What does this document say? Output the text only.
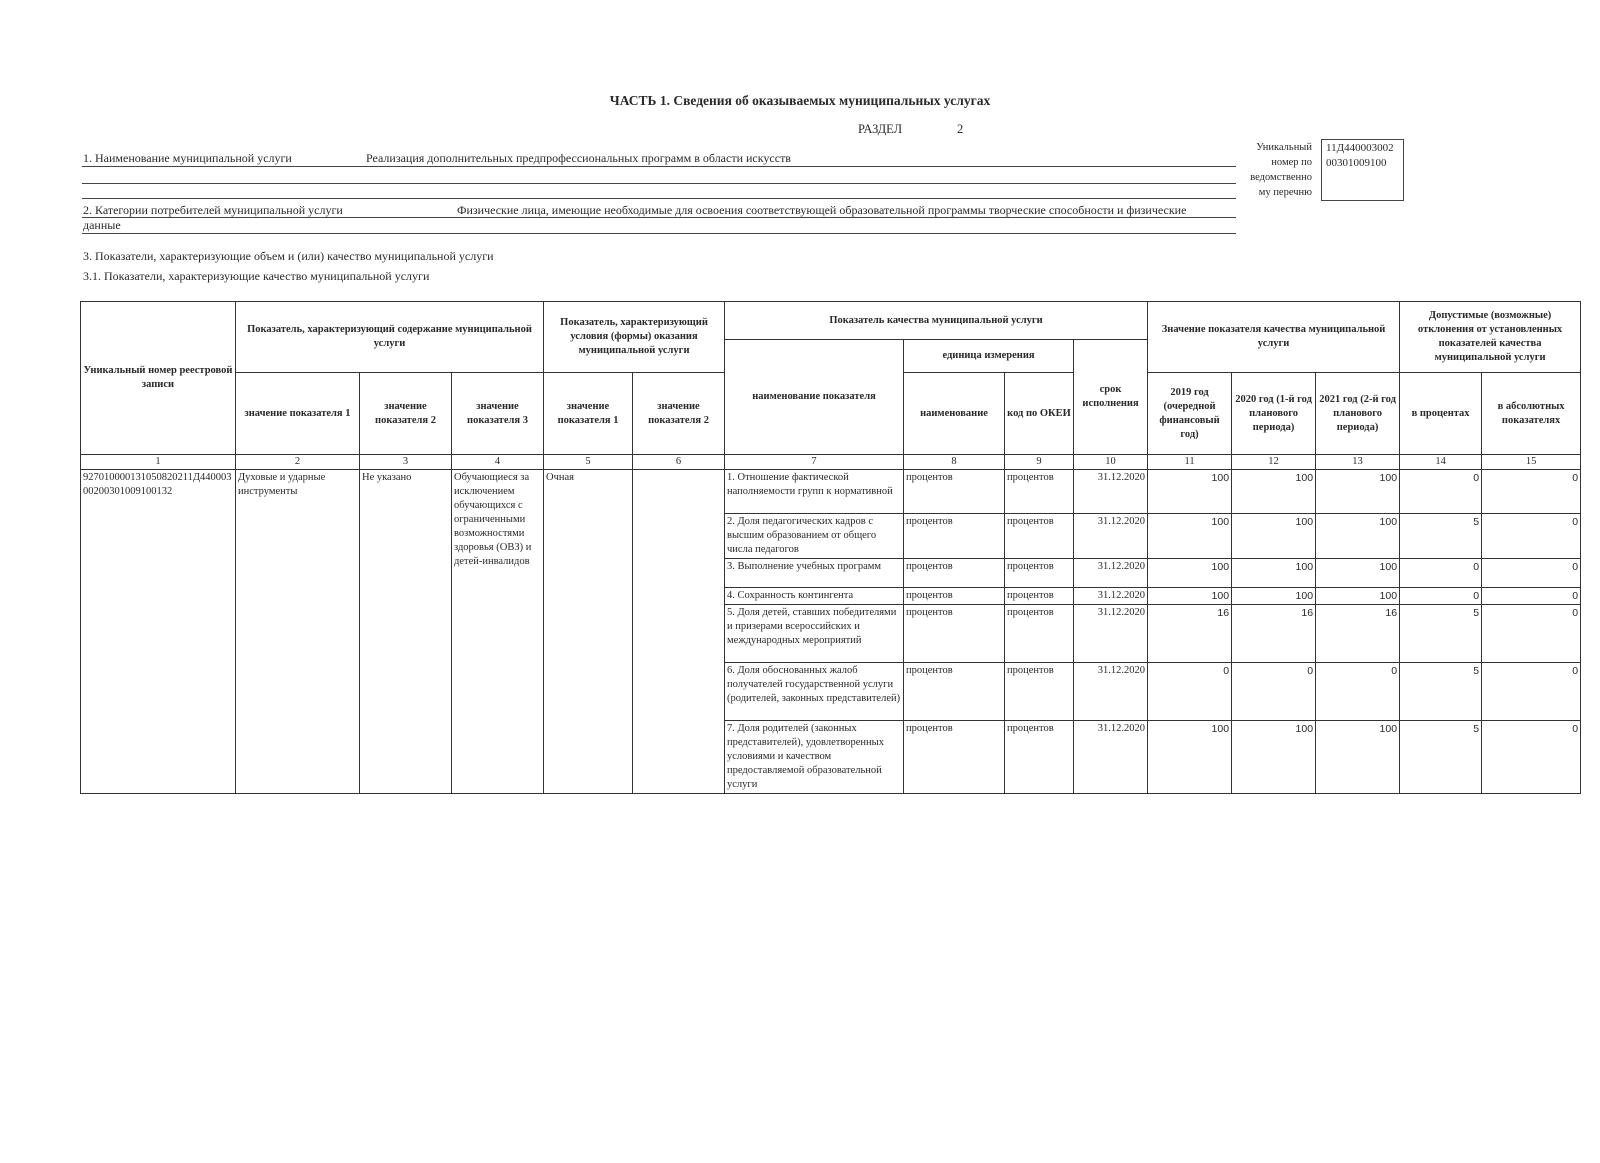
ЧАСТЬ 1. Сведения об оказываемых муниципальных услугах
РАЗДЕЛ	2
1. Наименование муниципальной услуги	Реализация дополнительных предпрофессиональных программ в области искусств
Уникальный
номер по
ведомственно
му перечню
11Д440003002
00301009100
2. Категории потребителей муниципальной услуги	Физические лица, имеющие необходимые для освоения соответствующей образовательной программы творческие способности и физические
данные
3. Показатели, характеризующие объем и (или) качество муниципальной услуги
3.1. Показатели, характеризующие качество муниципальной услуги
Уникальный номер реестровой записи	Показатель, характеризующий содержание муниципальной услуги			Показатель, характеризующий условия (формы) оказания муниципальной услуги		Показатель качества муниципальной услуги				Значение показателя качества муниципальной услуги			Допустимые (возможные) отклонения от установленных показателей качества муниципальной услуги	
						наименование показателя	единица измерения		срок исполнения					
	значение показателя 1	значение показателя 2	значение показателя 3	значение показателя 1	значение показателя 2		наименование	код по ОКЕИ		2019 год (очередной финансовый год)	2020 год (1-й год планового периода)	2021 год (2-й год планового периода)	в процентах	в абсолютных показателях
1	2	3	4	5	6	7	8	9	10	11	12	13	14	15
927010000131050820211Д44000300200301009100132	Духовые и ударные инструменты	Не указано	Обучающиеся за исключением обучающихся с ограниченными возможностями здоровья (ОВЗ) и детей-инвалидов	Очная		1. Отношение фактической наполняемости групп к нормативной	процентов	процентов	31.12.2020	100	100	100	0	0
						2. Доля педагогических кадров с высшим образованием от общего числа педагогов	процентов	процентов	31.12.2020	100	100	100	5	0
						3. Выполнение учебных программ	процентов	процентов	31.12.2020	100	100	100	0	0
						4. Сохранность контингента	процентов	процентов	31.12.2020	100	100	100	0	0
						5. Доля детей, ставших победителями и призерами всероссийских и международных мероприятий	процентов	процентов	31.12.2020	16	16	16	5	0
						6. Доля обоснованных жалоб получателей государственной услуги (родителей, законных представителей)	процентов	процентов	31.12.2020	0	0	0	5	0
						7. Доля родителей (законных представителей), удовлетворенных условиями и качеством предоставляемой образовательной услуги	процентов	процентов	31.12.2020	100	100	100	5	0
